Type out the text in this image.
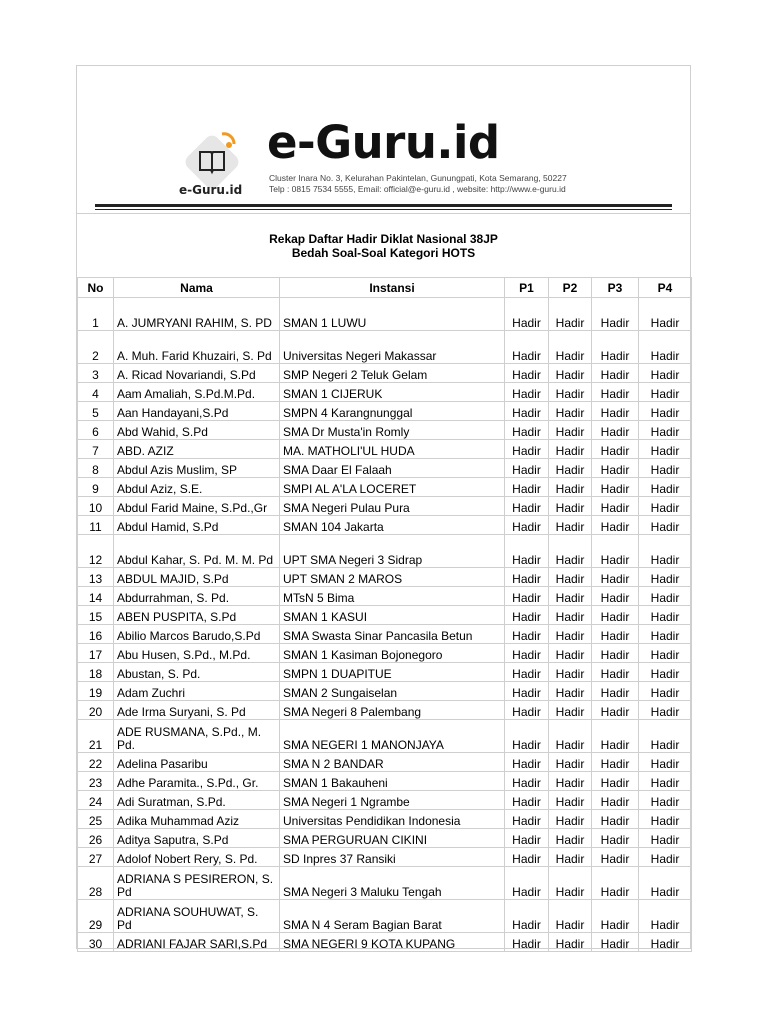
e-Guru.id
e-Guru.id
Cluster Inara No. 3, Kelurahan Pakintelan, Gunungpati, Kota Semarang, 50227
Telp : 0815 7534 5555, Email: official@e-guru.id , website: http://www.e-guru.id
Rekap Daftar Hadir Diklat Nasional 38JP
Bedah Soal-Soal Kategori HOTS
No	Nama	Instansi	P1	P2	P3	P4
1	A. JUMRYANI RAHIM, S. PD	SMAN 1 LUWU	Hadir	Hadir	Hadir	Hadir
2	A. Muh. Farid Khuzairi, S. Pd	Universitas Negeri Makassar	Hadir	Hadir	Hadir	Hadir
3	A. Ricad Novariandi, S.Pd	SMP Negeri 2 Teluk Gelam	Hadir	Hadir	Hadir	Hadir
4	Aam Amaliah, S.Pd.M.Pd.	SMAN 1 CIJERUK	Hadir	Hadir	Hadir	Hadir
5	Aan Handayani,S.Pd	SMPN 4 Karangnunggal	Hadir	Hadir	Hadir	Hadir
6	Abd Wahid, S.Pd	SMA Dr Musta'in Romly	Hadir	Hadir	Hadir	Hadir
7	ABD. AZIZ	MA. MATHOLI'UL HUDA	Hadir	Hadir	Hadir	Hadir
8	Abdul Azis Muslim, SP	SMA Daar El Falaah	Hadir	Hadir	Hadir	Hadir
9	Abdul Aziz, S.E.	SMPI AL A'LA LOCERET	Hadir	Hadir	Hadir	Hadir
10	Abdul Farid Maine, S.Pd.,Gr	SMA Negeri Pulau Pura	Hadir	Hadir	Hadir	Hadir
11	Abdul Hamid, S.Pd	SMAN 104 Jakarta	Hadir	Hadir	Hadir	Hadir
12	Abdul Kahar, S. Pd. M. M. Pd	UPT SMA Negeri 3 Sidrap	Hadir	Hadir	Hadir	Hadir
13	ABDUL MAJID, S.Pd	UPT SMAN 2 MAROS	Hadir	Hadir	Hadir	Hadir
14	Abdurrahman, S. Pd.	MTsN 5 Bima	Hadir	Hadir	Hadir	Hadir
15	ABEN PUSPITA, S.Pd	SMAN 1 KASUI	Hadir	Hadir	Hadir	Hadir
16	Abilio Marcos Barudo,S.Pd	SMA Swasta Sinar Pancasila Betun	Hadir	Hadir	Hadir	Hadir
17	Abu Husen, S.Pd., M.Pd.	SMAN 1 Kasiman Bojonegoro	Hadir	Hadir	Hadir	Hadir
18	Abustan, S. Pd.	SMPN 1 DUAPITUE	Hadir	Hadir	Hadir	Hadir
19	Adam Zuchri	SMAN 2 Sungaiselan	Hadir	Hadir	Hadir	Hadir
20	Ade Irma Suryani, S. Pd	SMA Negeri 8 Palembang	Hadir	Hadir	Hadir	Hadir
21	ADE RUSMANA, S.Pd., M. Pd.	SMA NEGERI 1 MANONJAYA	Hadir	Hadir	Hadir	Hadir
22	Adelina Pasaribu	SMA N 2 BANDAR	Hadir	Hadir	Hadir	Hadir
23	Adhe Paramita., S.Pd., Gr.	SMAN 1 Bakauheni	Hadir	Hadir	Hadir	Hadir
24	Adi Suratman, S.Pd.	SMA Negeri 1 Ngrambe	Hadir	Hadir	Hadir	Hadir
25	Adika Muhammad Aziz	Universitas Pendidikan Indonesia	Hadir	Hadir	Hadir	Hadir
26	Aditya Saputra, S.Pd	SMA PERGURUAN CIKINI	Hadir	Hadir	Hadir	Hadir
27	Adolof Nobert Rery, S. Pd.	SD Inpres 37 Ransiki	Hadir	Hadir	Hadir	Hadir
28	ADRIANA S PESIRERON, S. Pd	SMA Negeri 3 Maluku Tengah	Hadir	Hadir	Hadir	Hadir
29	ADRIANA SOUHUWAT, S. Pd	SMA N 4 Seram Bagian Barat	Hadir	Hadir	Hadir	Hadir
30	ADRIANI FAJAR SARI,S.Pd	SMA NEGERI 9 KOTA KUPANG	Hadir	Hadir	Hadir	Hadir
